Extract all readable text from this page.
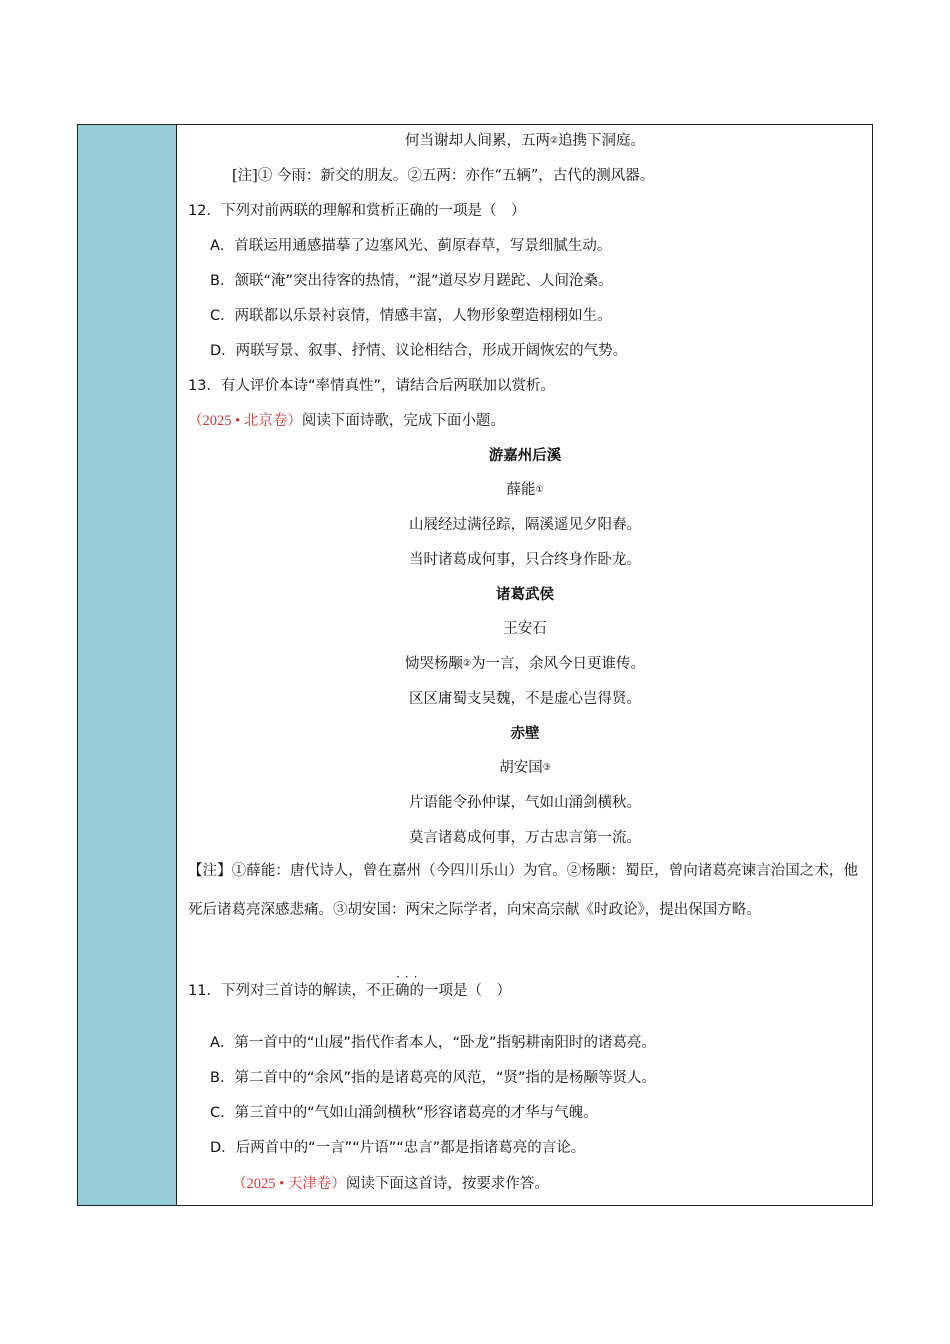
何当谢却人间累，五两②追携下洞庭。
[注]① 今雨：新交的朋友。②五两：亦作“五辆”，古代的测风器。
12．下列对前两联的理解和赏析正确的一项是（　）
A．首联运用通感描摹了边塞风光、蓟原春草，写景细腻生动。
B．颔联“淹”突出待客的热情，“混”道尽岁月蹉跎、人间沧桑。
C．两联都以乐景衬哀情，情感丰富，人物形象塑造栩栩如生。
D．两联写景、叙事、抒情、议论相结合，形成开阔恢宏的气势。
13．有人评价本诗“率情真性”，请结合后两联加以赏析。
（2025 • 北京卷）阅读下面诗歌，完成下面小题。
游嘉州后溪
薛能①
山屐经过满径踪，隔溪遥见夕阳舂。
当时诸葛成何事，只合终身作卧龙。
诸葛武侯
王安石
恸哭杨颙②为一言，余风今日更谁传。
区区庸蜀支吴魏，不是虚心岂得贤。
赤壁
胡安国③
片语能令孙仲谋，气如山涌剑横秋。
莫言诸葛成何事，万古忠言第一流。
【注】①薛能：唐代诗人，曾在嘉州（今四川乐山）为官。②杨颙：蜀臣，曾向诸葛亮谏言治国之术，他死后诸葛亮深感悲痛。③胡安国：两宋之际学者，向宋高宗献《时政论》，提出保国方略。
···
11．下列对三首诗的解读，不正确的一项是（　）
A．第一首中的“山屐”指代作者本人，“卧龙”指躬耕南阳时的诸葛亮。
B．第二首中的“余风”指的是诸葛亮的风范，“贤”指的是杨颙等贤人。
C．第三首中的“气如山涌剑横秋”形容诸葛亮的才华与气魄。
D．后两首中的“一言”“片语”“忠言”都是指诸葛亮的言论。
（2025 • 天津卷）阅读下面这首诗，按要求作答。
